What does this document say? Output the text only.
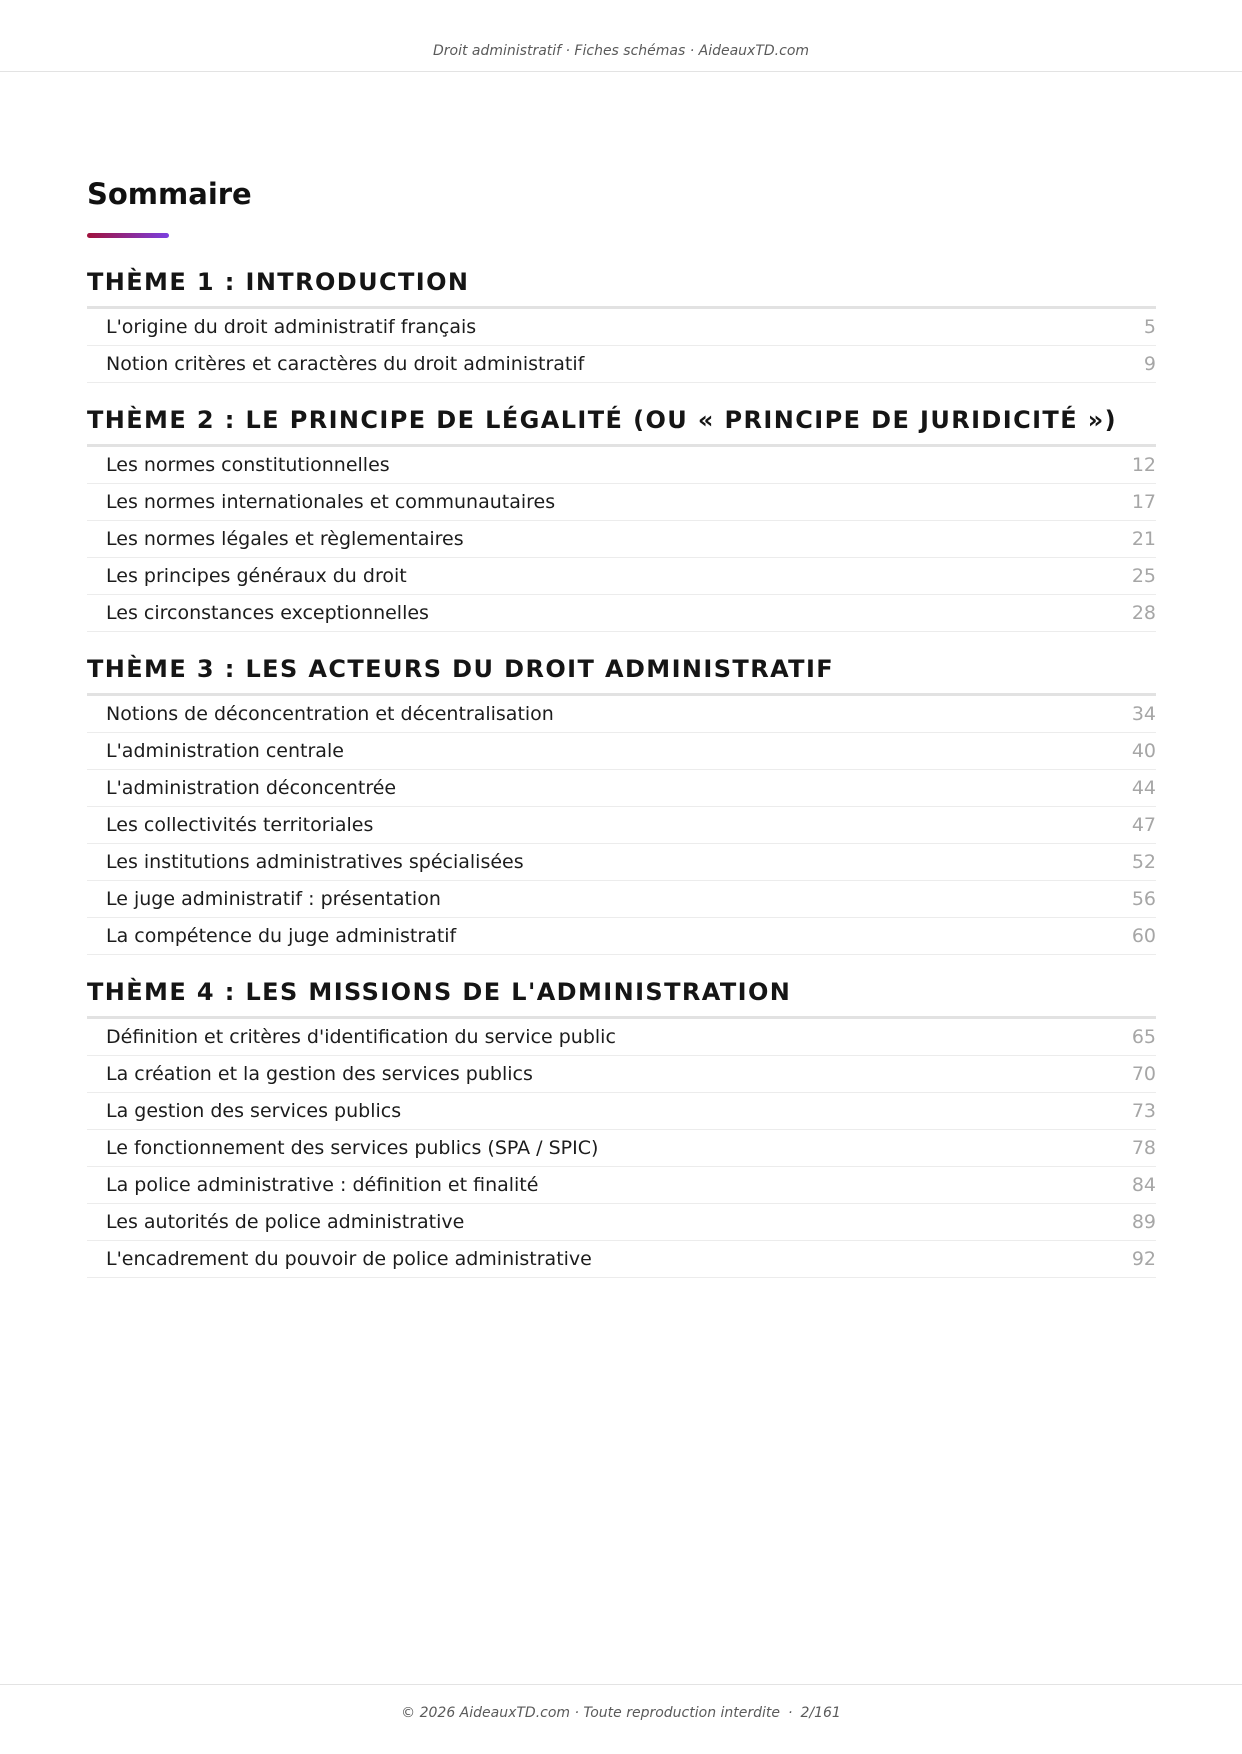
Droit administratif · Fiches schémas · AideauxTD.com
Sommaire
THÈME 1 : INTRODUCTION
L'origine du droit administratif français	5
Notion critères et caractères du droit administratif	9
THÈME 2 : LE PRINCIPE DE LÉGALITÉ (OU « PRINCIPE DE JURIDICITÉ »)
Les normes constitutionnelles	12
Les normes internationales et communautaires	17
Les normes légales et règlementaires	21
Les principes généraux du droit	25
Les circonstances exceptionnelles	28
THÈME 3 : LES ACTEURS DU DROIT ADMINISTRATIF
Notions de déconcentration et décentralisation	34
L'administration centrale	40
L'administration déconcentrée	44
Les collectivités territoriales	47
Les institutions administratives spécialisées	52
Le juge administratif : présentation	56
La compétence du juge administratif	60
THÈME 4 : LES MISSIONS DE L'ADMINISTRATION
Définition et critères d'identification du service public	65
La création et la gestion des services publics	70
La gestion des services publics	73
Le fonctionnement des services publics (SPA / SPIC)	78
La police administrative : définition et finalité	84
Les autorités de police administrative	89
L'encadrement du pouvoir de police administrative	92
© 2026 AideauxTD.com · Toute reproduction interdite · 2/161
